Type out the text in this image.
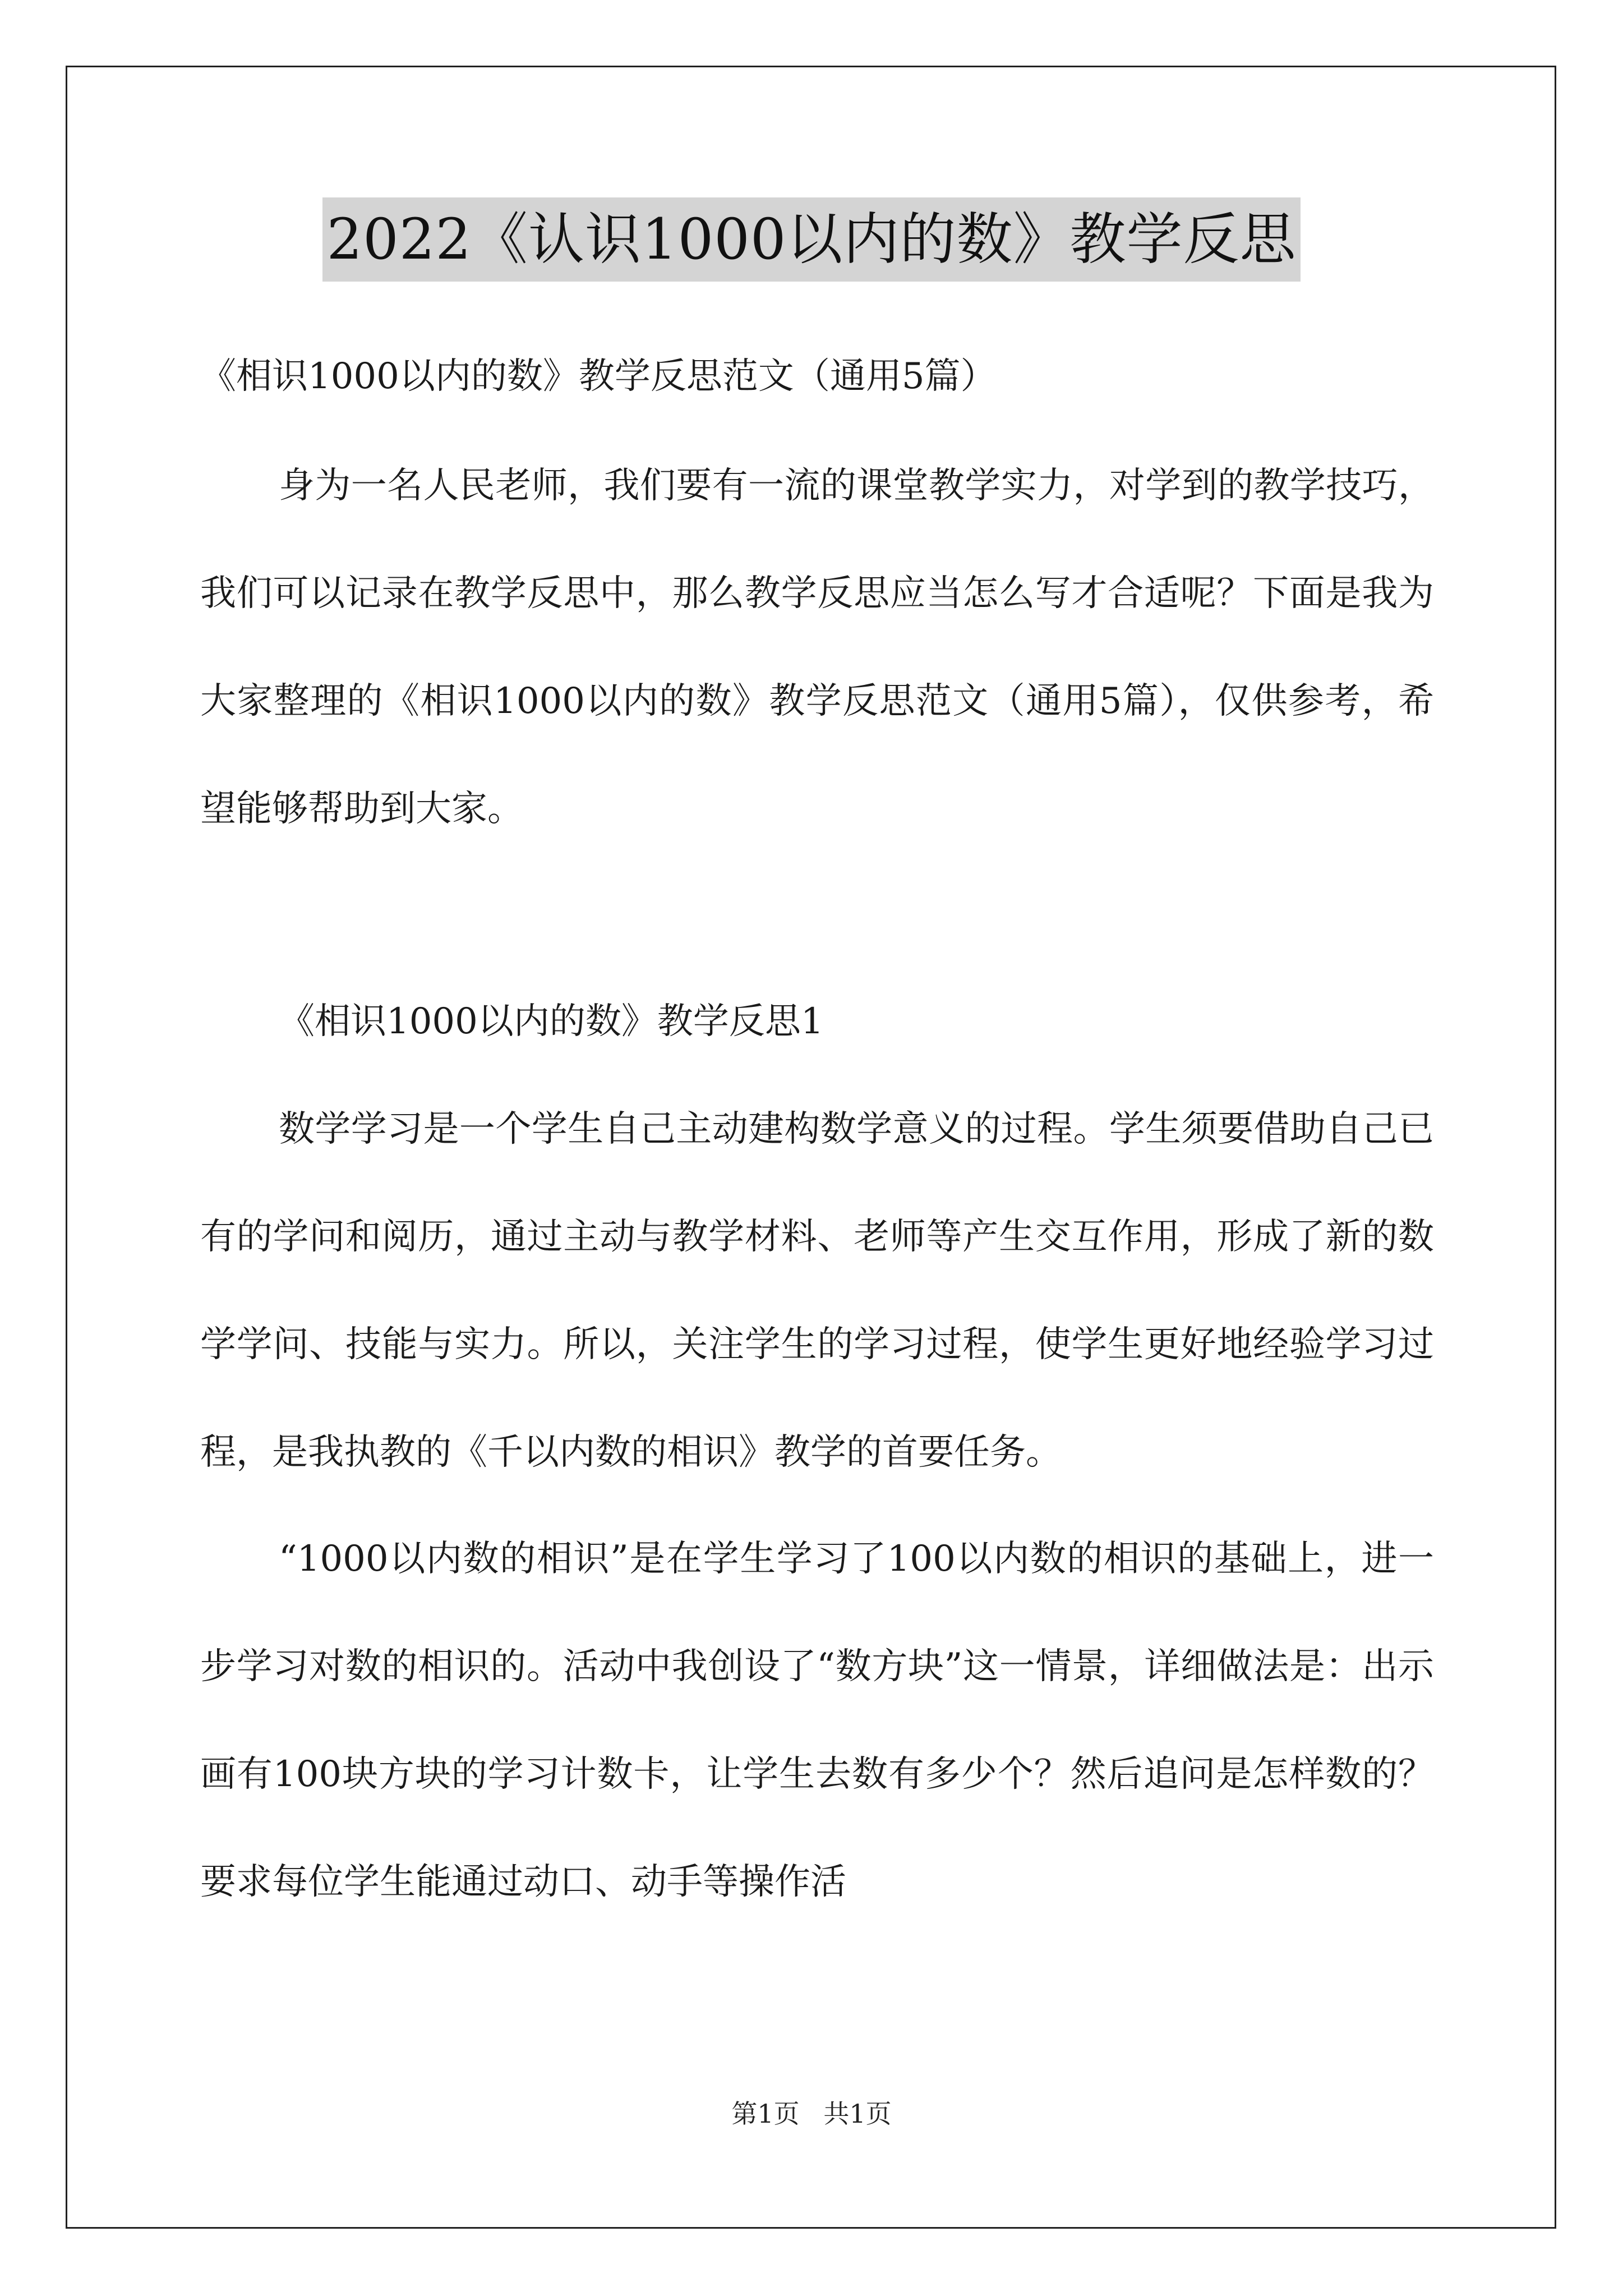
2022《认识1000以内的数》教学反思
《相识1000以内的数》教学反思范文（通用5篇）
身为一名人民老师，我们要有一流的课堂教学实力，对学到的教学技巧，我们可以记录在教学反思中，那么教学反思应当怎么写才合适呢？下面是我为大家整理的《相识1000以内的数》教学反思范文（通用5篇），仅供参考，希望能够帮助到大家。
《相识1000以内的数》教学反思1
数学学习是一个学生自己主动建构数学意义的过程。学生须要借助自己已有的学问和阅历，通过主动与教学材料、老师等产生交互作用，形成了新的数学学问、技能与实力。所以，关注学生的学习过程，使学生更好地经验学习过程，是我执教的《千以内数的相识》教学的首要任务。
“1000以内数的相识”是在学生学习了100以内数的相识的基础上，进一步学习对数的相识的。活动中我创设了“数方块”这一情景，详细做法是：出示画有100块方块的学习计数卡，让学生去数有多少个？然后追问是怎样数的？要求每位学生能通过动口、动手等操作活
第1页 共1页
